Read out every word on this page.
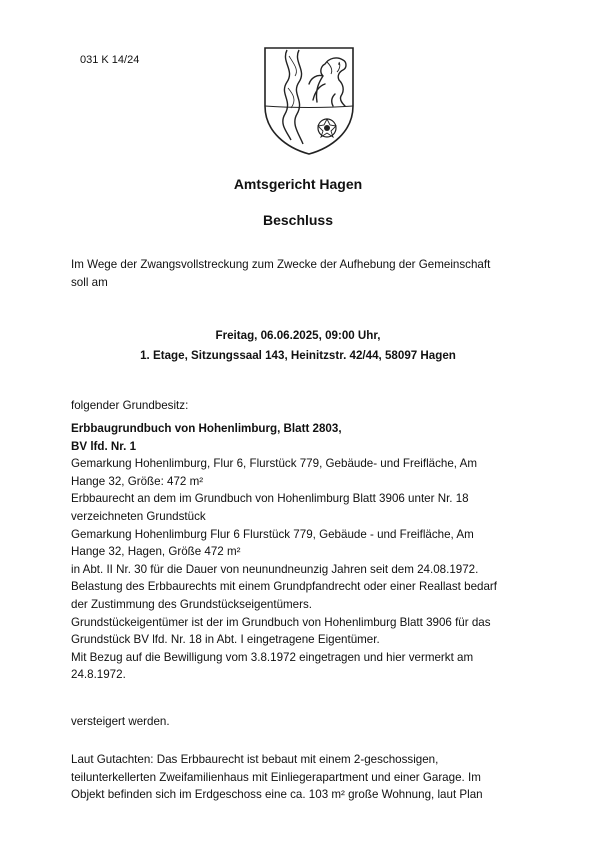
031 K 14/24
Amtsgericht Hagen
Beschluss
Im Wege der Zwangsvollstreckung zum Zwecke der Aufhebung der Gemeinschaft
soll am
Freitag, 06.06.2025, 09:00 Uhr,
1. Etage, Sitzungssaal 143, Heinitzstr. 42/44, 58097 Hagen
folgender Grundbesitz:
Erbbaugrundbuch von Hohenlimburg, Blatt 2803,
BV lfd. Nr. 1
Gemarkung Hohenlimburg, Flur 6, Flurstück 779, Gebäude- und Freifläche, Am
Hange 32, Größe: 472 m²
Erbbaurecht an dem im Grundbuch von Hohenlimburg Blatt 3906 unter Nr. 18
verzeichneten Grundstück
Gemarkung Hohenlimburg Flur 6 Flurstück 779, Gebäude - und Freifläche, Am
Hange 32, Hagen, Größe 472 m²
in Abt. II Nr. 30 für die Dauer von neunundneunzig Jahren seit dem 24.08.1972.
Belastung des Erbbaurechts mit einem Grundpfandrecht oder einer Reallast bedarf
der Zustimmung des Grundstückseigentümers.
Grundstückeigentümer ist der im Grundbuch von Hohenlimburg Blatt 3906 für das
Grundstück BV lfd. Nr. 18 in Abt. I eingetragene Eigentümer.
Mit Bezug auf die Bewilligung vom 3.8.1972 eingetragen und hier vermerkt am
24.8.1972.
versteigert werden.
Laut Gutachten: Das Erbbaurecht ist bebaut mit einem 2-geschossigen,
teilunterkellerten Zweifamilienhaus mit Einliegerapartment und einer Garage. Im
Objekt befinden sich im Erdgeschoss eine ca. 103 m² große Wohnung, laut Plan
